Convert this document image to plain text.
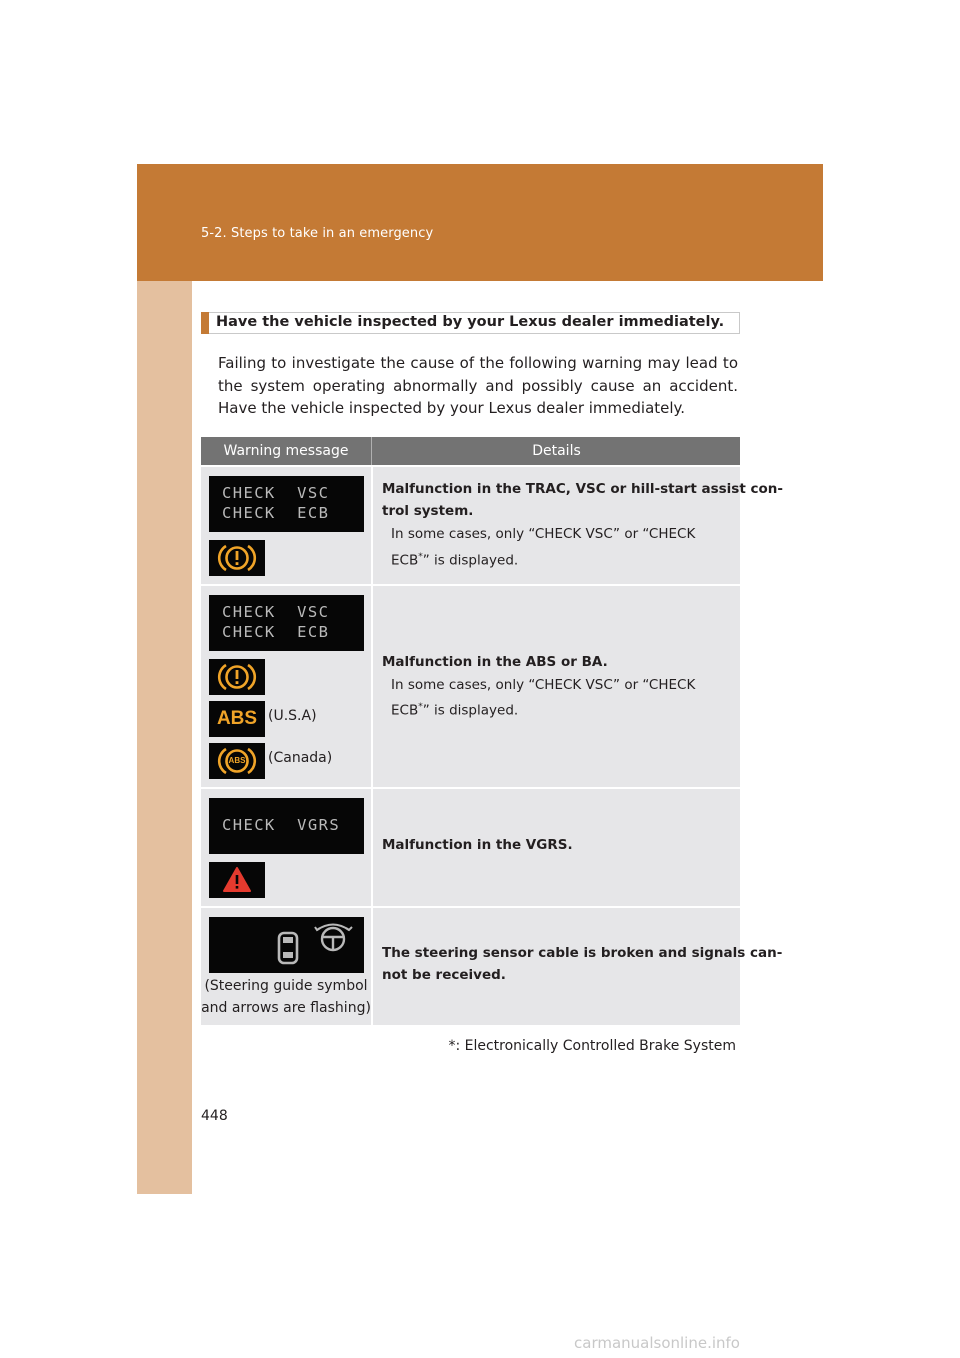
5-2. Steps to take in an emergency
Have the vehicle inspected by your Lexus dealer immediately.
Failing to investigate the cause of the following warning may lead to the system operating abnormally and possibly cause an accident. Have the vehicle inspected by your Lexus dealer immediately.
Warning message	Details
CHECK  VSC
CHECK  ECB
Malfunction in the TRAC, VSC or hill-start assist con-
trol system.
In some cases, only “CHECK VSC” or “CHECK
ECB*” is displayed.
CHECK  VSC
CHECK  ECB
ABS (U.S.A)
ABS	(Canada)
Malfunction in the ABS or BA.
In some cases, only “CHECK VSC” or “CHECK
ECB*” is displayed.
CHECK  VGRS
Malfunction in the VGRS.
(Steering guide symbol
and arrows are flashing)
The steering sensor cable is broken and signals can-
not be received.
*: Electronically Controlled Brake System
448
carmanualsonline.info
